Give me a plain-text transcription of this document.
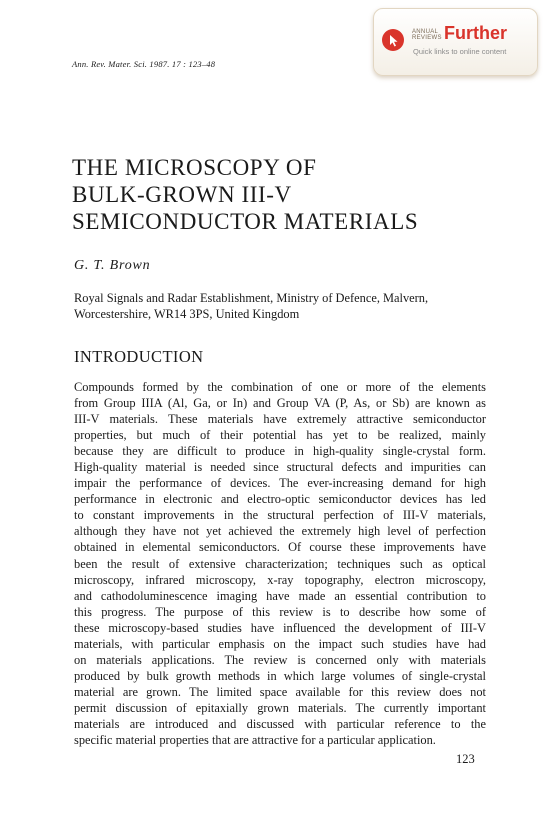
Ann. Rev. Mater. Sci. 1987. 17 : 123–48
ANNUAL
REVIEWS Further
Quick links to online content
THE MICROSCOPY OF
BULK-GROWN III-V
SEMICONDUCTOR MATERIALS
G. T. Brown
Royal Signals and Radar Establishment, Ministry of Defence, Malvern,
Worcestershire, WR14 3PS, United Kingdom
INTRODUCTION
Compounds formed by the combination of one or more of the elements
from Group IIIA (Al, Ga, or In) and Group VA (P, As, or Sb) are known as
III-V materials. These materials have extremely attractive semiconductor
properties, but much of their potential has yet to be realized, mainly
because they are difficult to produce in high-quality single-crystal form.
High-quality material is needed since structural defects and impurities can
impair the performance of devices. The ever-increasing demand for high
performance in electronic and electro-optic semiconductor devices has led
to constant improvements in the structural perfection of III-V materials,
although they have not yet achieved the extremely high level of perfection
obtained in elemental semiconductors. Of course these improvements have
been the result of extensive characterization; techniques such as optical
microscopy, infrared microscopy, x-ray topography, electron microscopy,
and cathodoluminescence imaging have made an essential contribution to
this progress. The purpose of this review is to describe how some of
these microscopy-based studies have influenced the development of III-V
materials, with particular emphasis on the impact such studies have had
on materials applications. The review is concerned only with materials
produced by bulk growth methods in which large volumes of single-crystal
material are grown. The limited space available for this review does not
permit discussion of epitaxially grown materials. The currently important
materials are introduced and discussed with particular reference to the
specific material properties that are attractive for a particular application.
123
